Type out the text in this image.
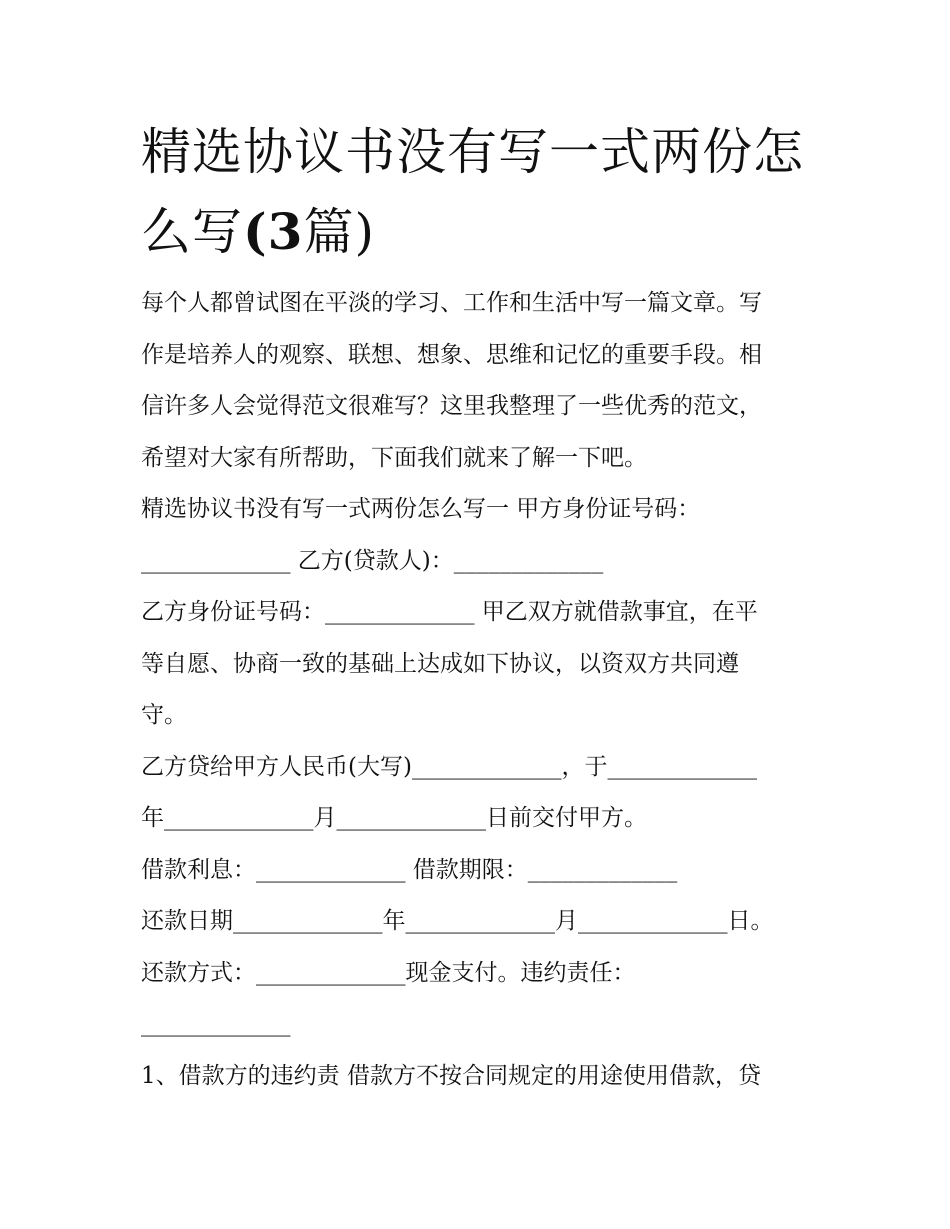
精选协议书没有写一式两份怎
么写(3篇)
每个人都曾试图在平淡的学习、工作和生活中写一篇文章。写
作是培养人的观察、联想、想象、思维和记忆的重要手段。相
信许多人会觉得范文很难写？这里我整理了一些优秀的范文，
希望对大家有所帮助，下面我们就来了解一下吧。
精选协议书没有写一式两份怎么写一 甲方身份证号码：
_____________ 乙方(贷款人)：_____________
乙方身份证号码：_____________ 甲乙双方就借款事宜，在平
等自愿、协商一致的基础上达成如下协议，以资双方共同遵
守。
乙方贷给甲方人民币(大写)_____________，于_____________
年_____________月_____________日前交付甲方。
借款利息：_____________ 借款期限：_____________
还款日期_____________年_____________月_____________日。
还款方式：_____________现金支付。违约责任：
_____________
1、借款方的违约责 借款方不按合同规定的用途使用借款，贷
